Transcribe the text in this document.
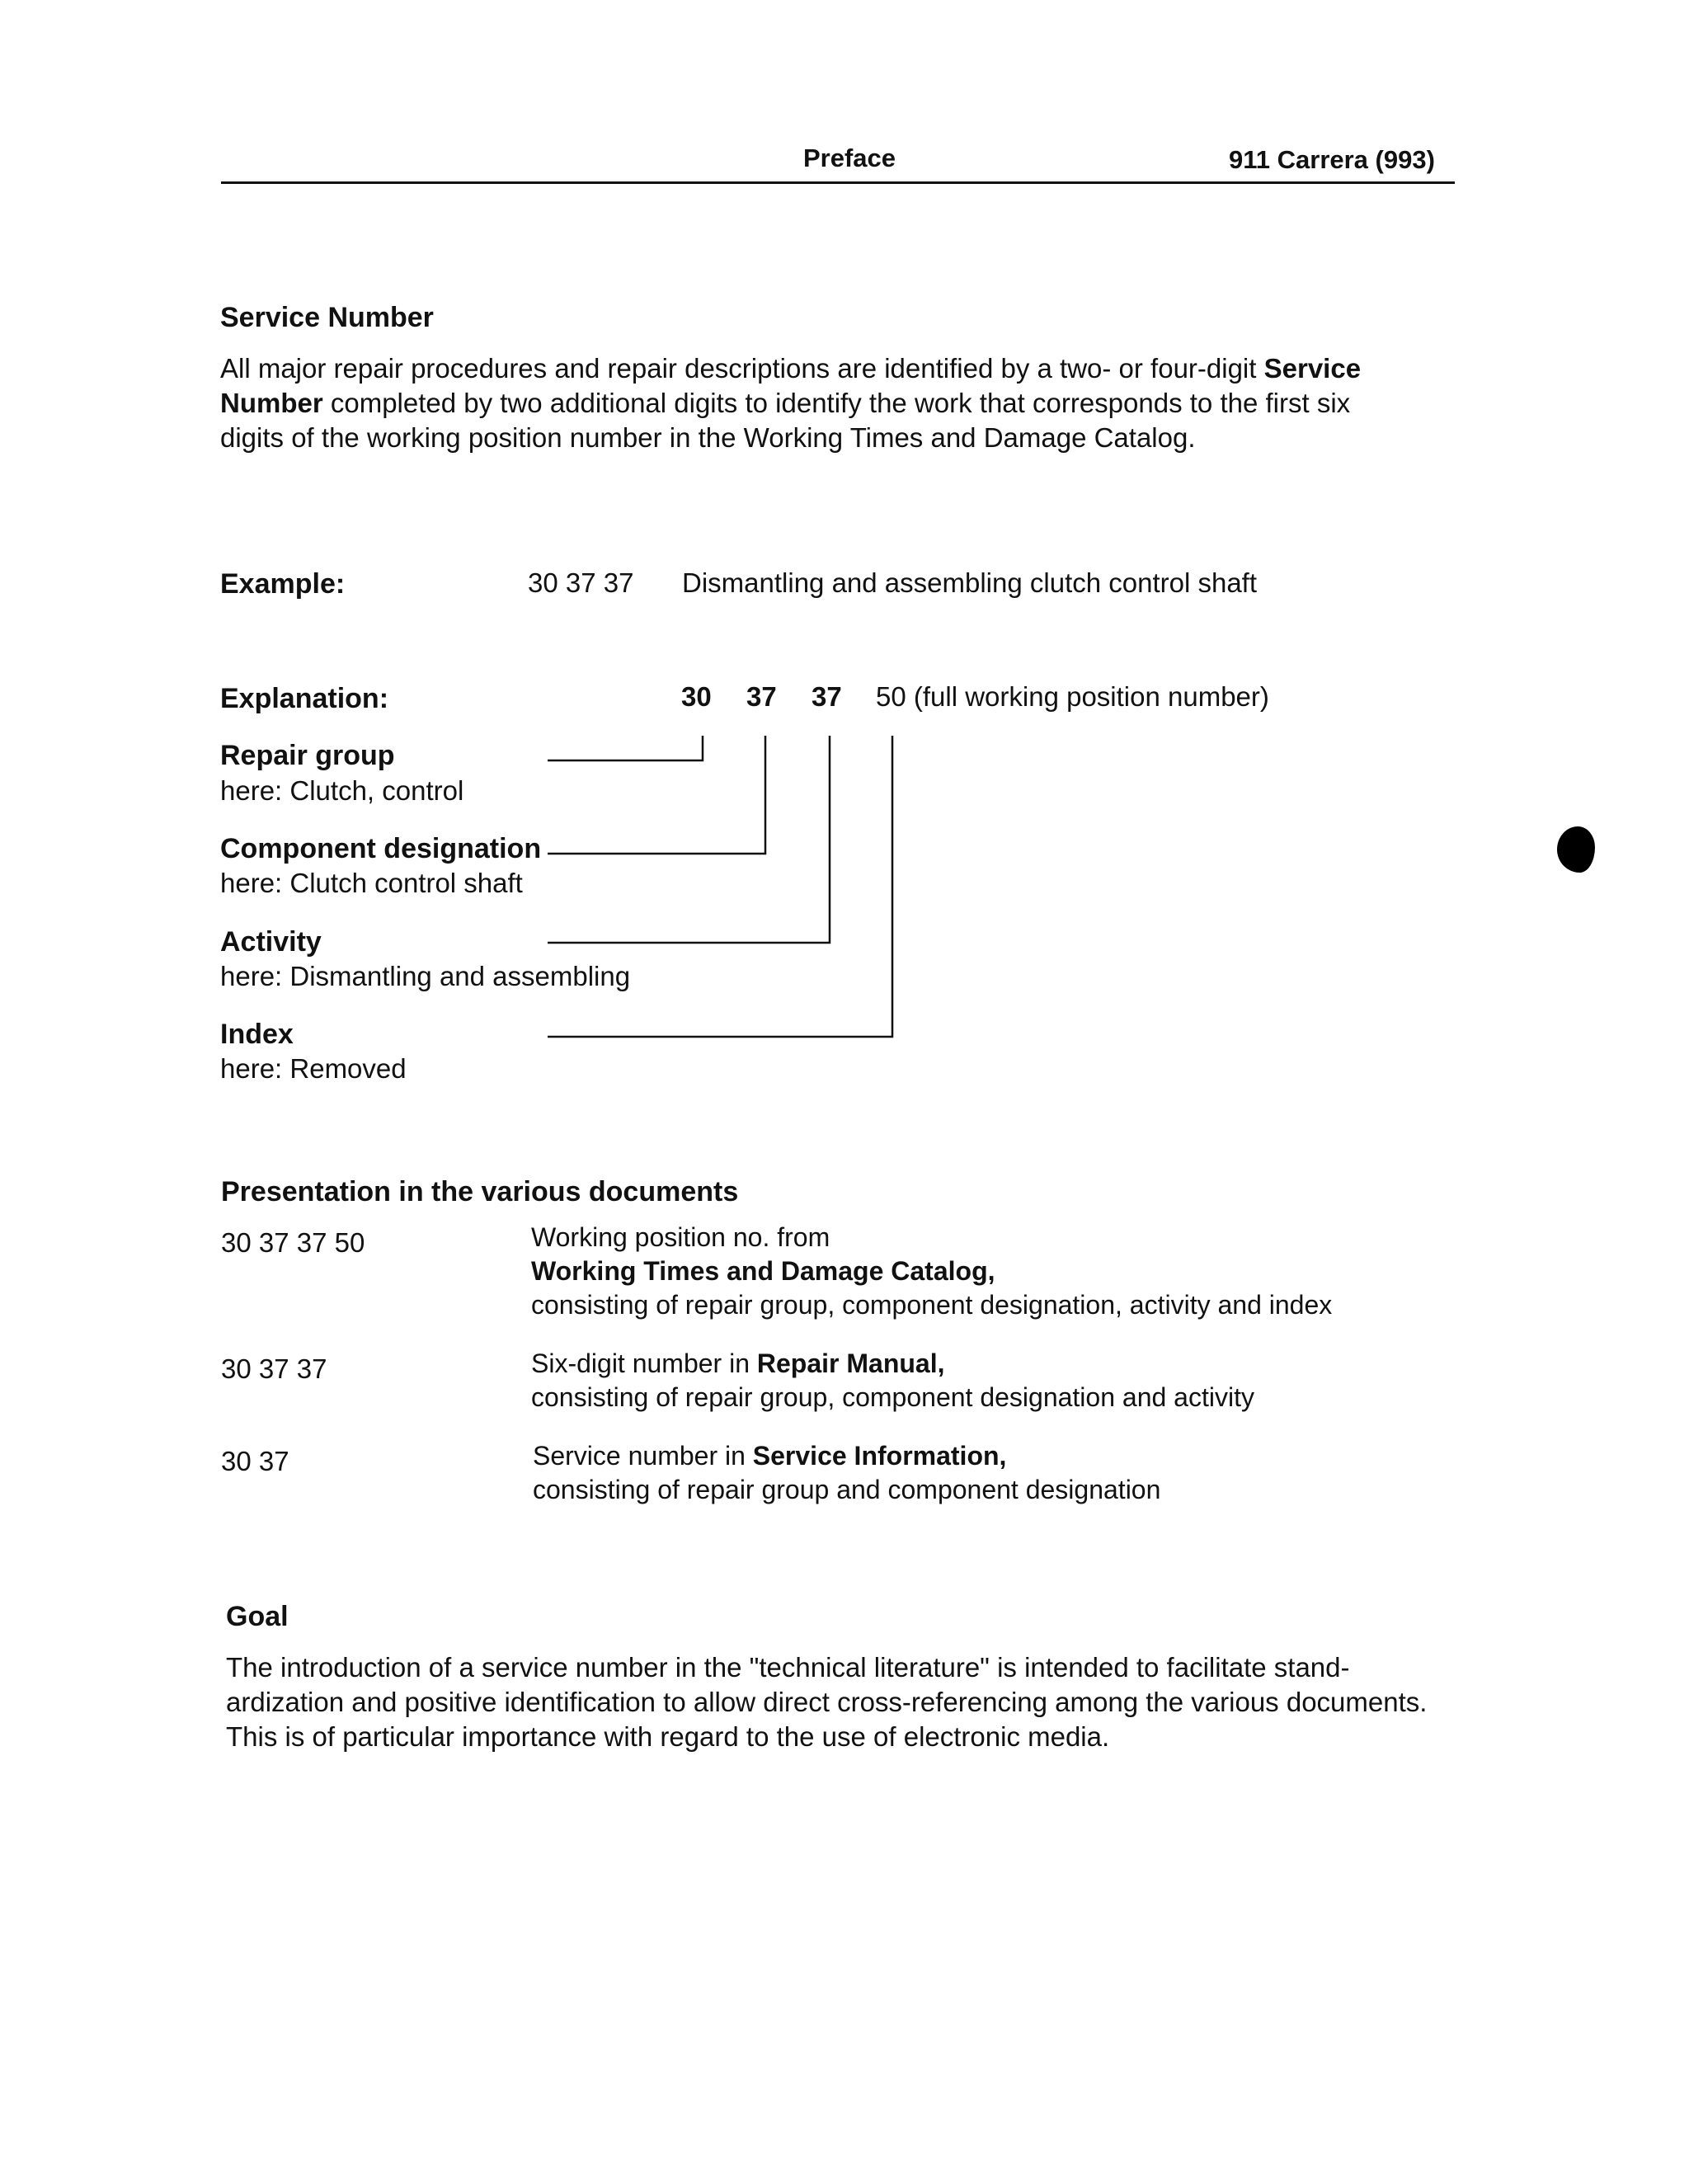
Preface	911 Carrera (993)
Service Number
All major repair procedures and repair descriptions are identified by a two- or four-digit Service
Number completed by two additional digits to identify the work that corresponds to the first six
digits of the working position number in the Working Times and Damage Catalog.
Example:	30 37 37 Dismantling and assembling clutch control shaft
Explanation:	30 37 37 50 (full working position number)
Repair group
here: Clutch, control
Component designation
here: Clutch control shaft
Activity
here: Dismantling and assembling
Index
here: Removed
Presentation in the various documents
30 37 37 50	Working position no. from
Working Times and Damage Catalog,
consisting of repair group, component designation, activity and index
30 37 37	Six-digit number in Repair Manual,
consisting of repair group, component designation and activity
30 37	Service number in Service Information,
consisting of repair group and component designation
Goal
The introduction of a service number in the "technical literature" is intended to facilitate stand-
ardization and positive identification to allow direct cross-referencing among the various documents.
This is of particular importance with regard to the use of electronic media.
